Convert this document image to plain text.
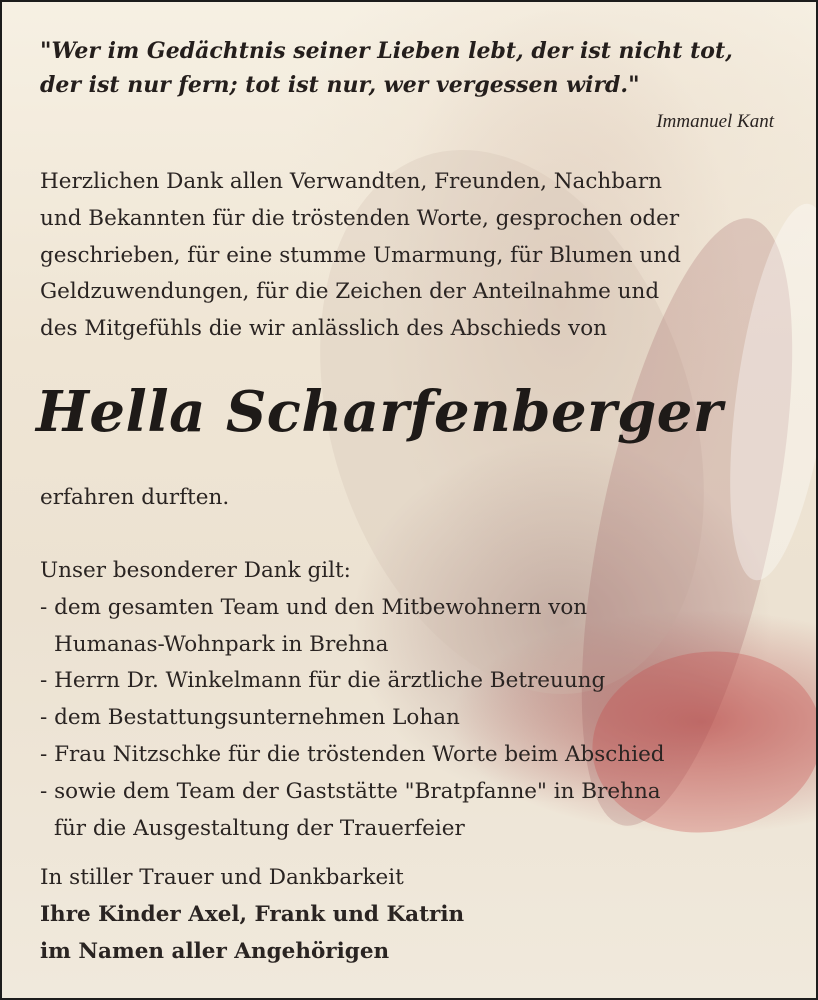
"Wer im Gedächtnis seiner Lieben lebt, der ist nicht tot,
der ist nur fern; tot ist nur, wer vergessen wird."
Immanuel Kant
Herzlichen Dank allen Verwandten, Freunden, Nachbarn
und Bekannten für die tröstenden Worte, gesprochen oder
geschrieben, für eine stumme Umarmung, für Blumen und
Geldzuwendungen, für die Zeichen der Anteilnahme und
des Mitgefühls die wir anlässlich des Abschieds von
Hella Scharfenberger
erfahren durften.
Unser besonderer Dank gilt:
- dem gesamten Team und den Mitbewohnern von
Humanas-Wohnpark in Brehna
- Herrn Dr. Winkelmann für die ärztliche Betreuung
- dem Bestattungsunternehmen Lohan
- Frau Nitzschke für die tröstenden Worte beim Abschied
- sowie dem Team der Gaststätte "Bratpfanne" in Brehna
für die Ausgestaltung der Trauerfeier
In stiller Trauer und Dankbarkeit
Ihre Kinder Axel, Frank und Katrin
im Namen aller Angehörigen
